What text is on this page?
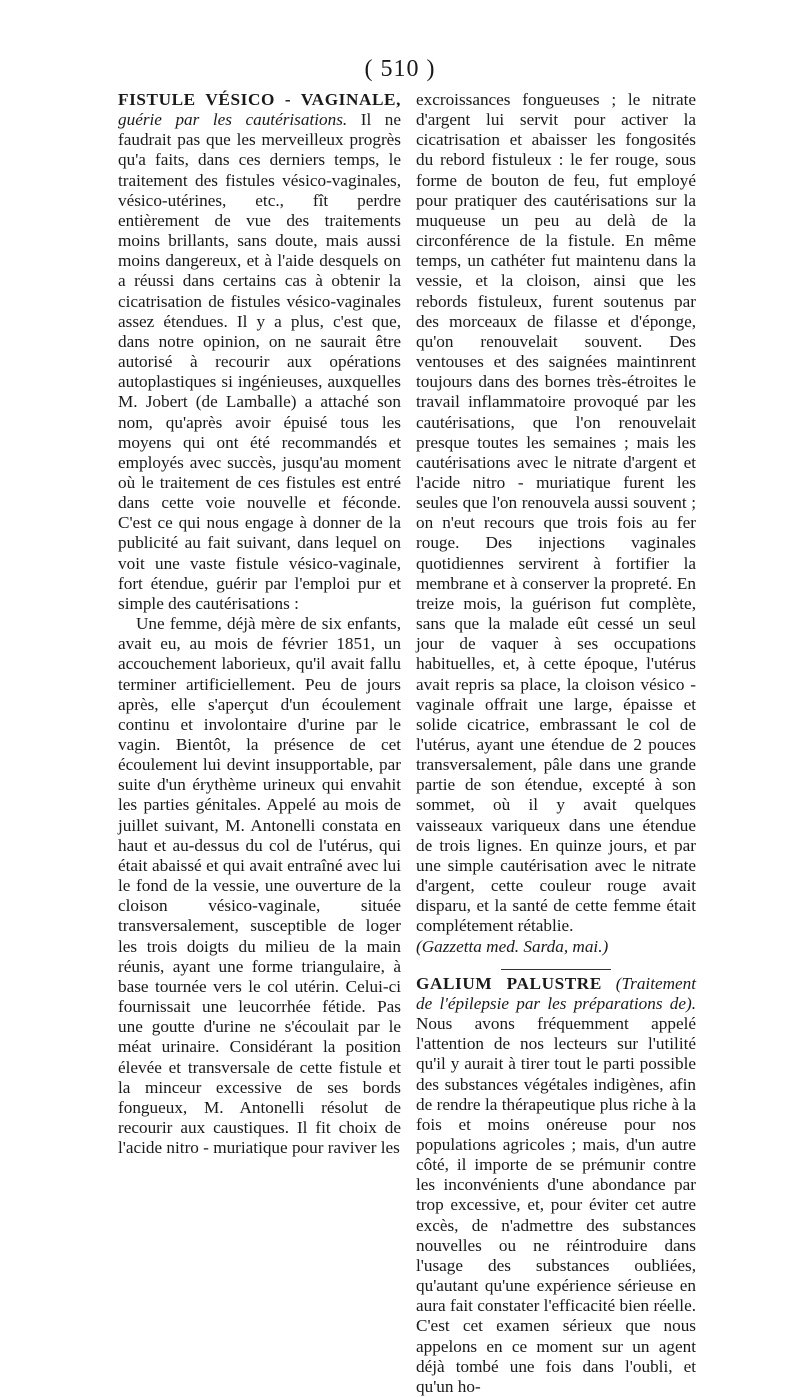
( 510 )

FISTULE VÉSICO - VAGINALE, guérie par les cautérisations. Il ne faudrait pas que les merveilleux progrès qu'a faits, dans ces derniers temps, le traitement des fistules vésico-vaginales, vésico-utérines, etc., fît perdre entièrement de vue des traitements moins brillants, sans doute, mais aussi moins dangereux, et à l'aide desquels on a réussi dans certains cas à obtenir la cicatrisation de fistules vésico-vaginales assez étendues. Il y a plus, c'est que, dans notre opinion, on ne saurait être autorisé à recourir aux opérations autoplastiques si ingénieuses, auxquelles M. Jobert (de Lamballe) a attaché son nom, qu'après avoir épuisé tous les moyens qui ont été recommandés et employés avec succès, jusqu'au moment où le traitement de ces fistules est entré dans cette voie nouvelle et féconde. C'est ce qui nous engage à donner de la publicité au fait suivant, dans lequel on voit une vaste fistule vésico-vaginale, fort étendue, guérir par l'emploi pur et simple des cautérisations :

Une femme, déjà mère de six enfants, avait eu, au mois de février 1851, un accouchement laborieux, qu'il avait fallu terminer artificiellement. Peu de jours après, elle s'aperçut d'un écoulement continu et involontaire d'urine par le vagin. Bientôt, la présence de cet écoulement lui devint insupportable, par suite d'un érythème urineux qui envahit les parties génitales. Appelé au mois de juillet suivant, M. Antonelli constata en haut et au-dessus du col de l'utérus, qui était abaissé et qui avait entraîné avec lui le fond de la vessie, une ouverture de la cloison vésico-vaginale, située transversalement, susceptible de loger les trois doigts du milieu de la main réunis, ayant une forme triangulaire, à base tournée vers le col utérin. Celui-ci fournissait une leucorrhée fétide. Pas une goutte d'urine ne s'écoulait par le méat urinaire. Considérant la position élevée et transversale de cette fistule et la minceur excessive de ses bords fongueux, M. Antonelli résolut de recourir aux caustiques. Il fit choix de l'acide nitro - muriatique pour raviver les

excroissances fongueuses ; le nitrate d'argent lui servit pour activer la cicatrisation et abaisser les fongosités du rebord fistuleux : le fer rouge, sous forme de bouton de feu, fut employé pour pratiquer des cautérisations sur la muqueuse un peu au delà de la circonférence de la fistule. En même temps, un cathéter fut maintenu dans la vessie, et la cloison, ainsi que les rebords fistuleux, furent soutenus par des morceaux de filasse et d'éponge, qu'on renouvelait souvent. Des ventouses et des saignées maintinrent toujours dans des bornes très-étroites le travail inflammatoire provoqué par les cautérisations, que l'on renouvelait presque toutes les semaines ; mais les cautérisations avec le nitrate d'argent et l'acide nitro - muriatique furent les seules que l'on renouvela aussi souvent ; on n'eut recours que trois fois au fer rouge. Des injections vaginales quotidiennes servirent à fortifier la membrane et à conserver la propreté. En treize mois, la guérison fut complète, sans que la malade eût cessé un seul jour de vaquer à ses occupations habituelles, et, à cette époque, l'utérus avait repris sa place, la cloison vésico - vaginale offrait une large, épaisse et solide cicatrice, embrassant le col de l'utérus, ayant une étendue de 2 pouces transversalement, pâle dans une grande partie de son étendue, excepté à son sommet, où il y avait quelques vaisseaux variqueux dans une étendue de trois lignes. En quinze jours, et par une simple cautérisation avec le nitrate d'argent, cette couleur rouge avait disparu, et la santé de cette femme était complétement rétablie.

(Gazzetta med. Sarda, mai.)

GALIUM PALUSTRE (Traitement de l'épilepsie par les préparations de). Nous avons fréquemment appelé l'attention de nos lecteurs sur l'utilité qu'il y aurait à tirer tout le parti possible des substances végétales indigènes, afin de rendre la thérapeutique plus riche à la fois et moins onéreuse pour nos populations agricoles ; mais, d'un autre côté, il importe de se prémunir contre les inconvénients d'une abondance par trop excessive, et, pour éviter cet autre excès, de n'admettre des substances nouvelles ou ne réintroduire dans l'usage des substances oubliées, qu'autant qu'une expérience sérieuse en aura fait constater l'efficacité bien réelle. C'est cet examen sérieux que nous appelons en ce moment sur un agent déjà tombé une fois dans l'oubli, et qu'un ho-
